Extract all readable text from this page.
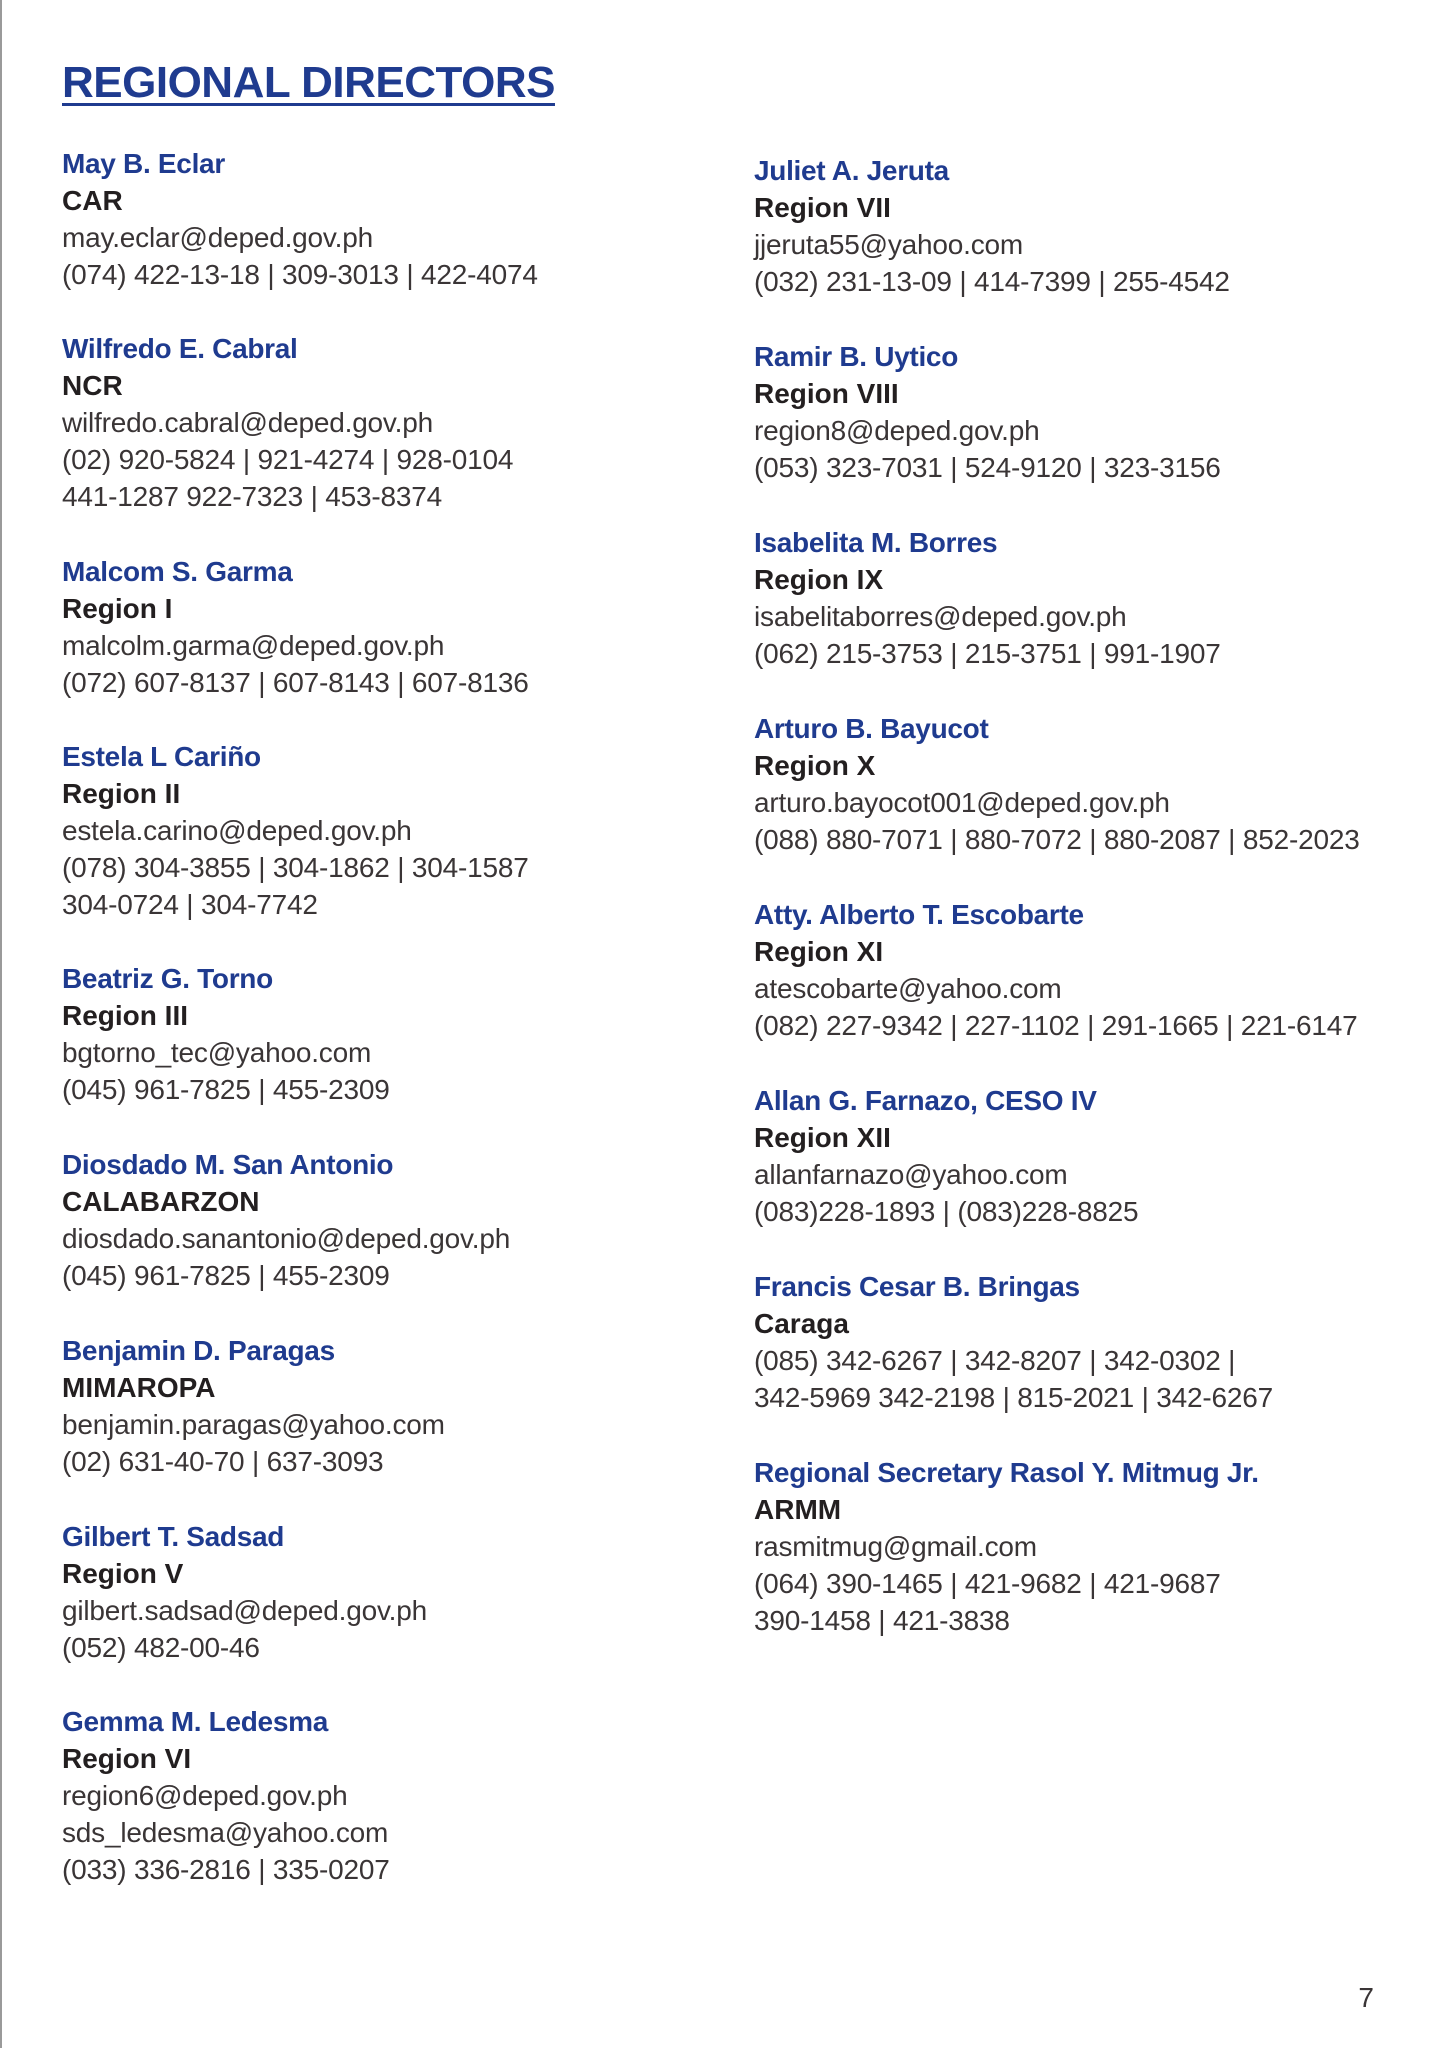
REGIONAL DIRECTORS
May B. Eclar
CAR
may.eclar@deped.gov.ph
(074) 422-13-18 | 309-3013 | 422-4074
Wilfredo E. Cabral
NCR
wilfredo.cabral@deped.gov.ph
(02) 920-5824 | 921-4274 | 928-0104
441-1287 922-7323 | 453-8374
Malcom S. Garma
Region I
malcolm.garma@deped.gov.ph
(072) 607-8137 | 607-8143 | 607-8136
Estela L Cariño
Region II
estela.carino@deped.gov.ph
(078) 304-3855 | 304-1862 | 304-1587
304-0724 | 304-7742
Beatriz G. Torno
Region III
bgtorno_tec@yahoo.com
(045) 961-7825 | 455-2309
Diosdado M. San Antonio
CALABARZON
diosdado.sanantonio@deped.gov.ph
(045) 961-7825 | 455-2309
Benjamin D. Paragas
MIMAROPA
benjamin.paragas@yahoo.com
(02) 631-40-70 | 637-3093
Gilbert T. Sadsad
Region V
gilbert.sadsad@deped.gov.ph
(052) 482-00-46
Gemma M. Ledesma
Region VI
region6@deped.gov.ph
sds_ledesma@yahoo.com
(033) 336-2816 | 335-0207
Juliet A. Jeruta
Region VII
jjeruta55@yahoo.com
(032) 231-13-09 | 414-7399 | 255-4542
Ramir B. Uytico
Region VIII
region8@deped.gov.ph
(053) 323-7031 | 524-9120 | 323-3156
Isabelita M. Borres
Region IX
isabelitaborres@deped.gov.ph
(062) 215-3753 | 215-3751 | 991-1907
Arturo B. Bayucot
Region X
arturo.bayocot001@deped.gov.ph
(088) 880-7071 | 880-7072 | 880-2087 | 852-2023
Atty. Alberto T. Escobarte
Region XI
atescobarte@yahoo.com
(082) 227-9342 | 227-1102 | 291-1665 | 221-6147
Allan G. Farnazo, CESO IV
Region XII
allanfarnazo@yahoo.com
(083)228-1893 | (083)228-8825
Francis Cesar B. Bringas
Caraga
(085) 342-6267 | 342-8207 | 342-0302 |
342-5969 342-2198 | 815-2021 | 342-6267
Regional Secretary Rasol Y. Mitmug Jr.
ARMM
rasmitmug@gmail.com
(064) 390-1465 | 421-9682 | 421-9687
390-1458 | 421-3838
7
